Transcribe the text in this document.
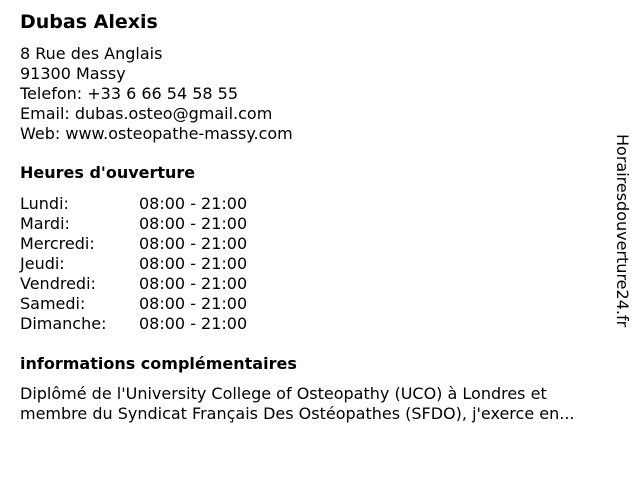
Dubas Alexis
8 Rue des Anglais
91300 Massy
Telefon: +33 6 66 54 58 55
Email: dubas.osteo@gmail.com
Web: www.osteopathe-massy.com
Heures d'ouverture
Lundi:	08:00 - 21:00
Mardi:	08:00 - 21:00
Mercredi:	08:00 - 21:00
Jeudi:	08:00 - 21:00
Vendredi:	08:00 - 21:00
Samedi:	08:00 - 21:00
Dimanche: 08:00 - 21:00
informations complémentaires
Diplômé de l'University College of Osteopathy (UCO) à Londres et
membre du Syndicat Français Des Ostéopathes (SFDO), j'exerce en...
Horairesdouverture24.fr
